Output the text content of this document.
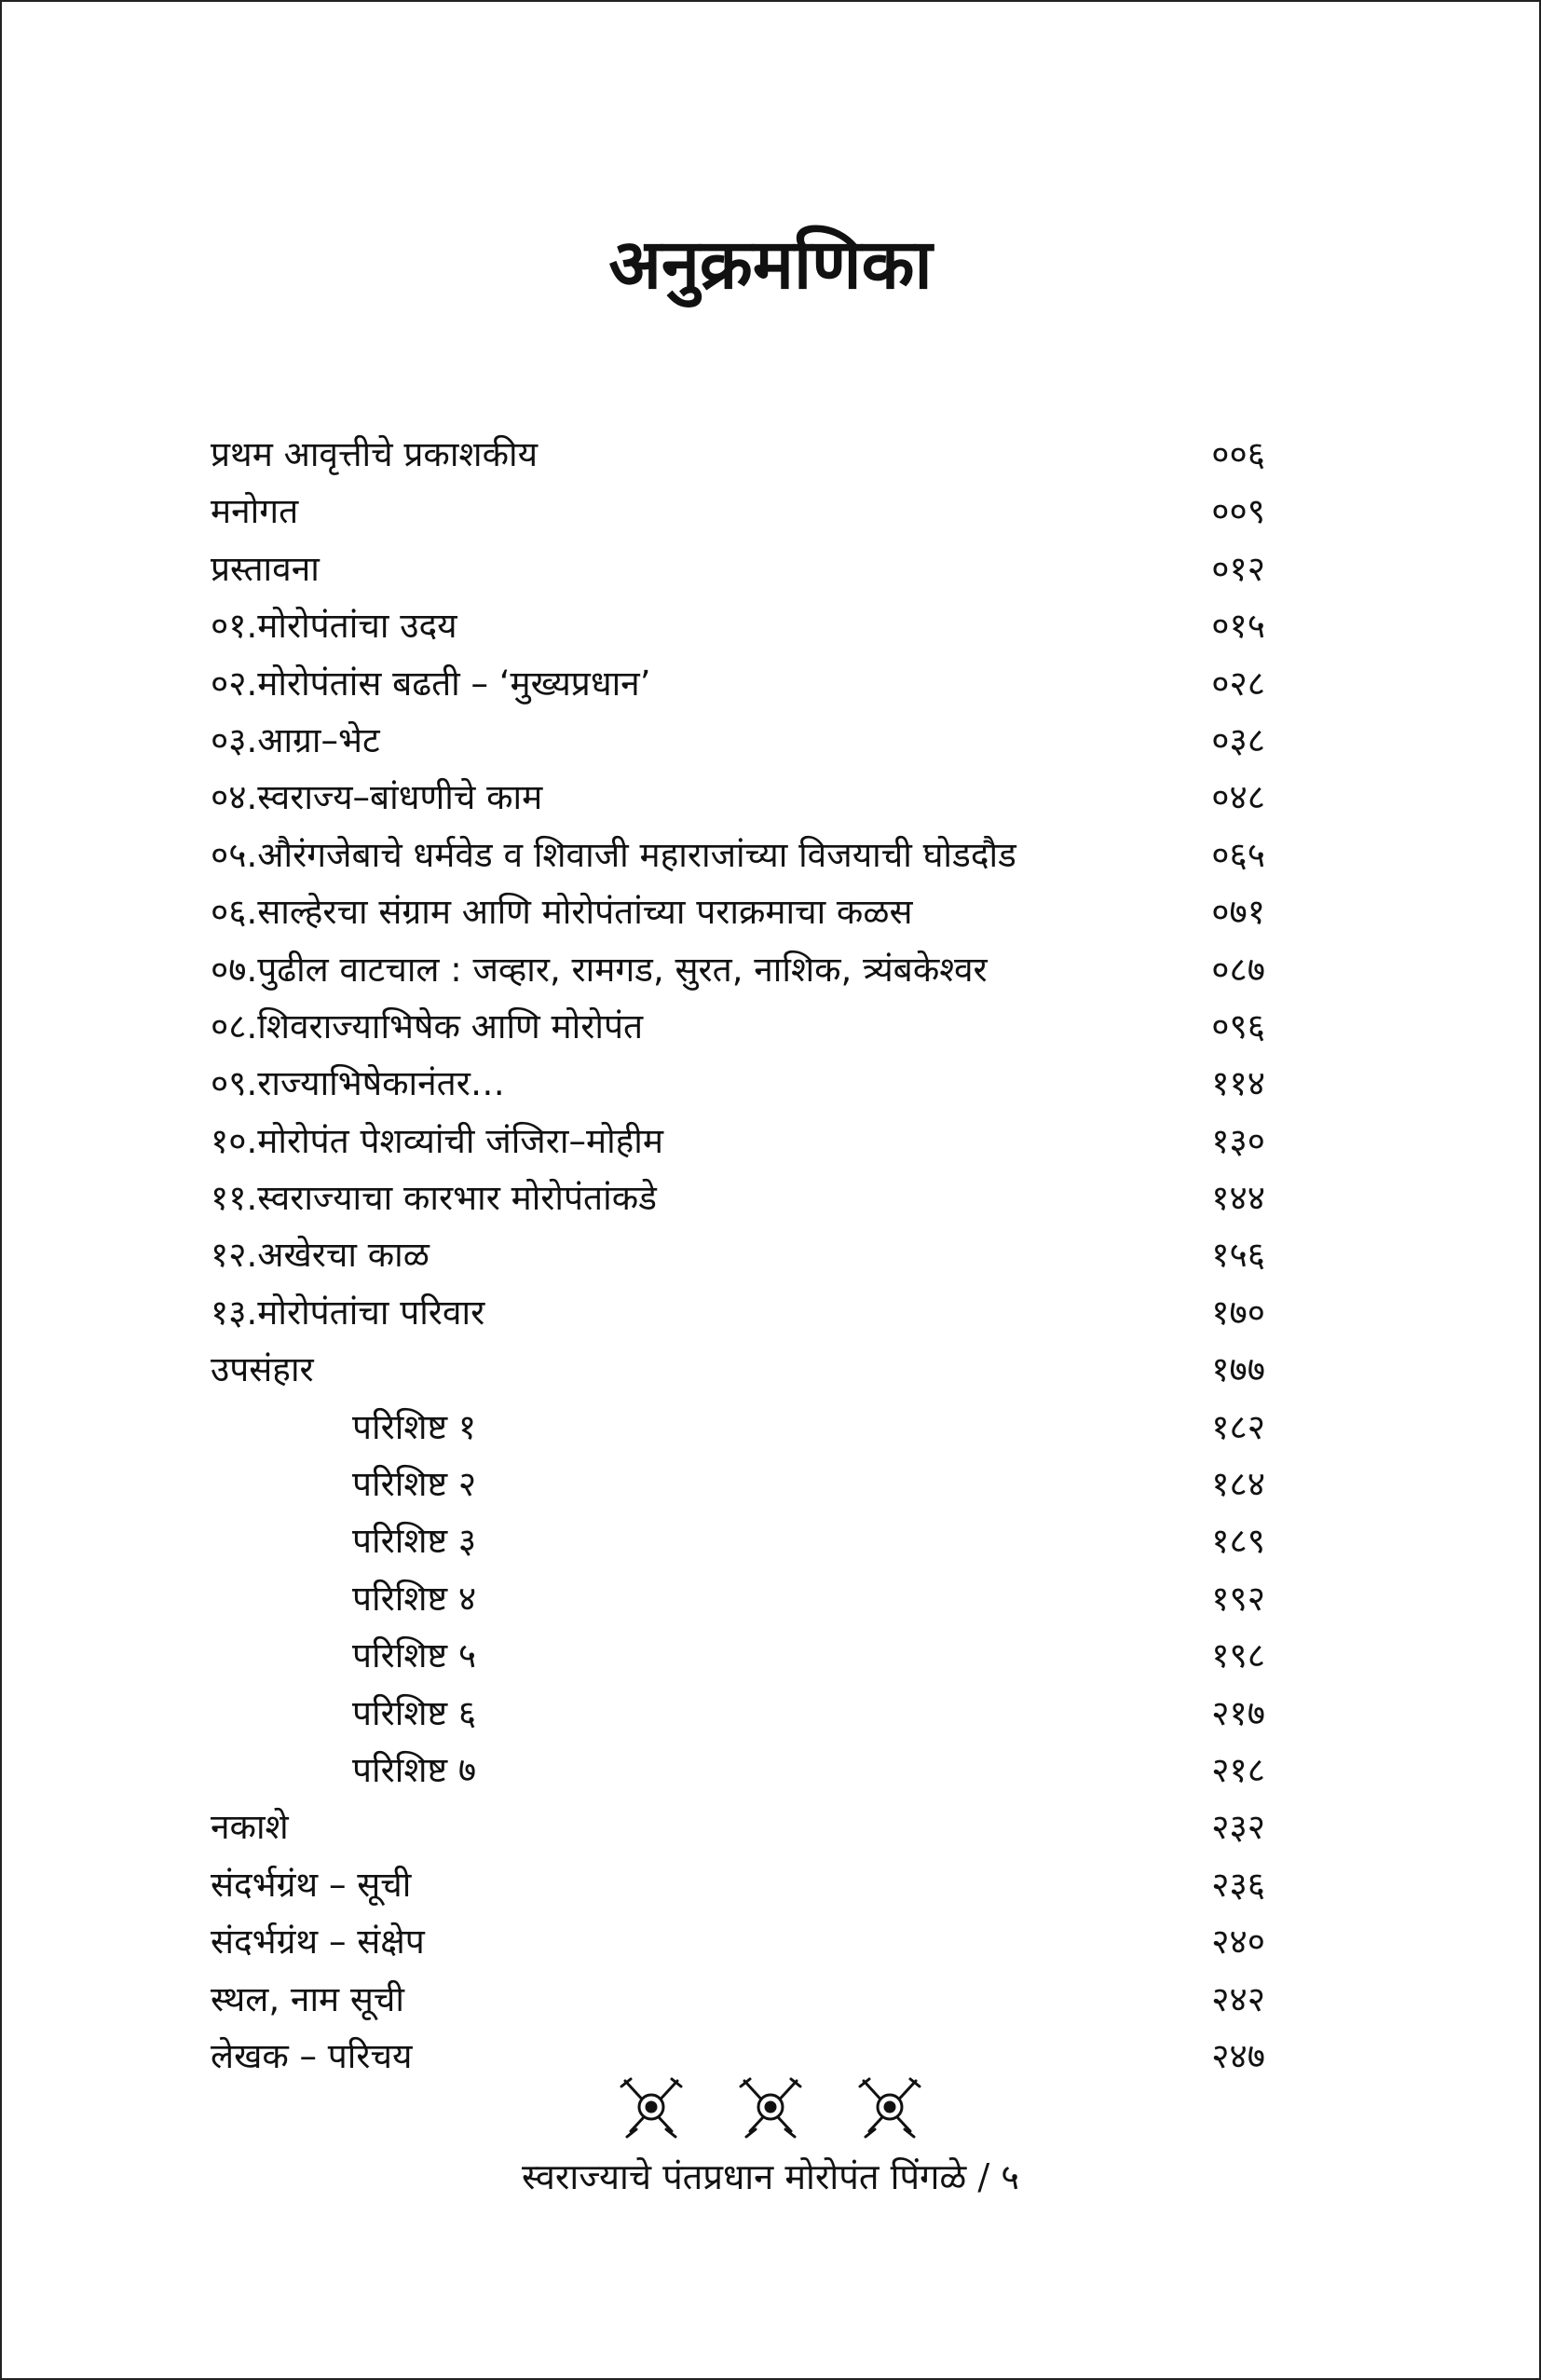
अनुक्रमणिका
प्रथम आवृत्तीचे प्रकाशकीय	००६
मनोगत	००९
प्रस्तावना	०१२
०१.मोरोपंतांचा उदय	०१५
०२.मोरोपंतांस बढती – ‘मुख्यप्रधान’	०२८
०३.आग्रा–भेट	०३८
०४.स्वराज्य–बांधणीचे काम	०४८
०५.औरंगजेबाचे धर्मवेड व शिवाजी महाराजांच्या विजयाची घोडदौड	०६५
०६.साल्हेरचा संग्राम आणि मोरोपंतांच्या पराक्रमाचा कळस	०७१
०७.पुढील वाटचाल : जव्हार, रामगड, सुरत, नाशिक, त्र्यंबकेश्वर	०८७
०८.शिवराज्याभिषेक आणि मोरोपंत	०९६
०९.राज्याभिषेकानंतर…	११४
१०.मोरोपंत पेशव्यांची जंजिरा–मोहीम	१३०
११.स्वराज्याचा कारभार मोरोपंतांकडे	१४४
१२.अखेरचा काळ	१५६
१३.मोरोपंतांचा परिवार	१७०
उपसंहार	१७७
परिशिष्ट १	१८२
परिशिष्ट २	१८४
परिशिष्ट ३	१८९
परिशिष्ट ४	१९२
परिशिष्ट ५	१९८
परिशिष्ट ६	२१७
परिशिष्ट ७	२१८
नकाशे	२३२
संदर्भग्रंथ – सूची	२३६
संदर्भग्रंथ – संक्षेप	२४०
स्थल, नाम सूची	२४२
लेखक – परिचय	२४७
स्वराज्याचे पंतप्रधान मोरोपंत पिंगळे / ५
